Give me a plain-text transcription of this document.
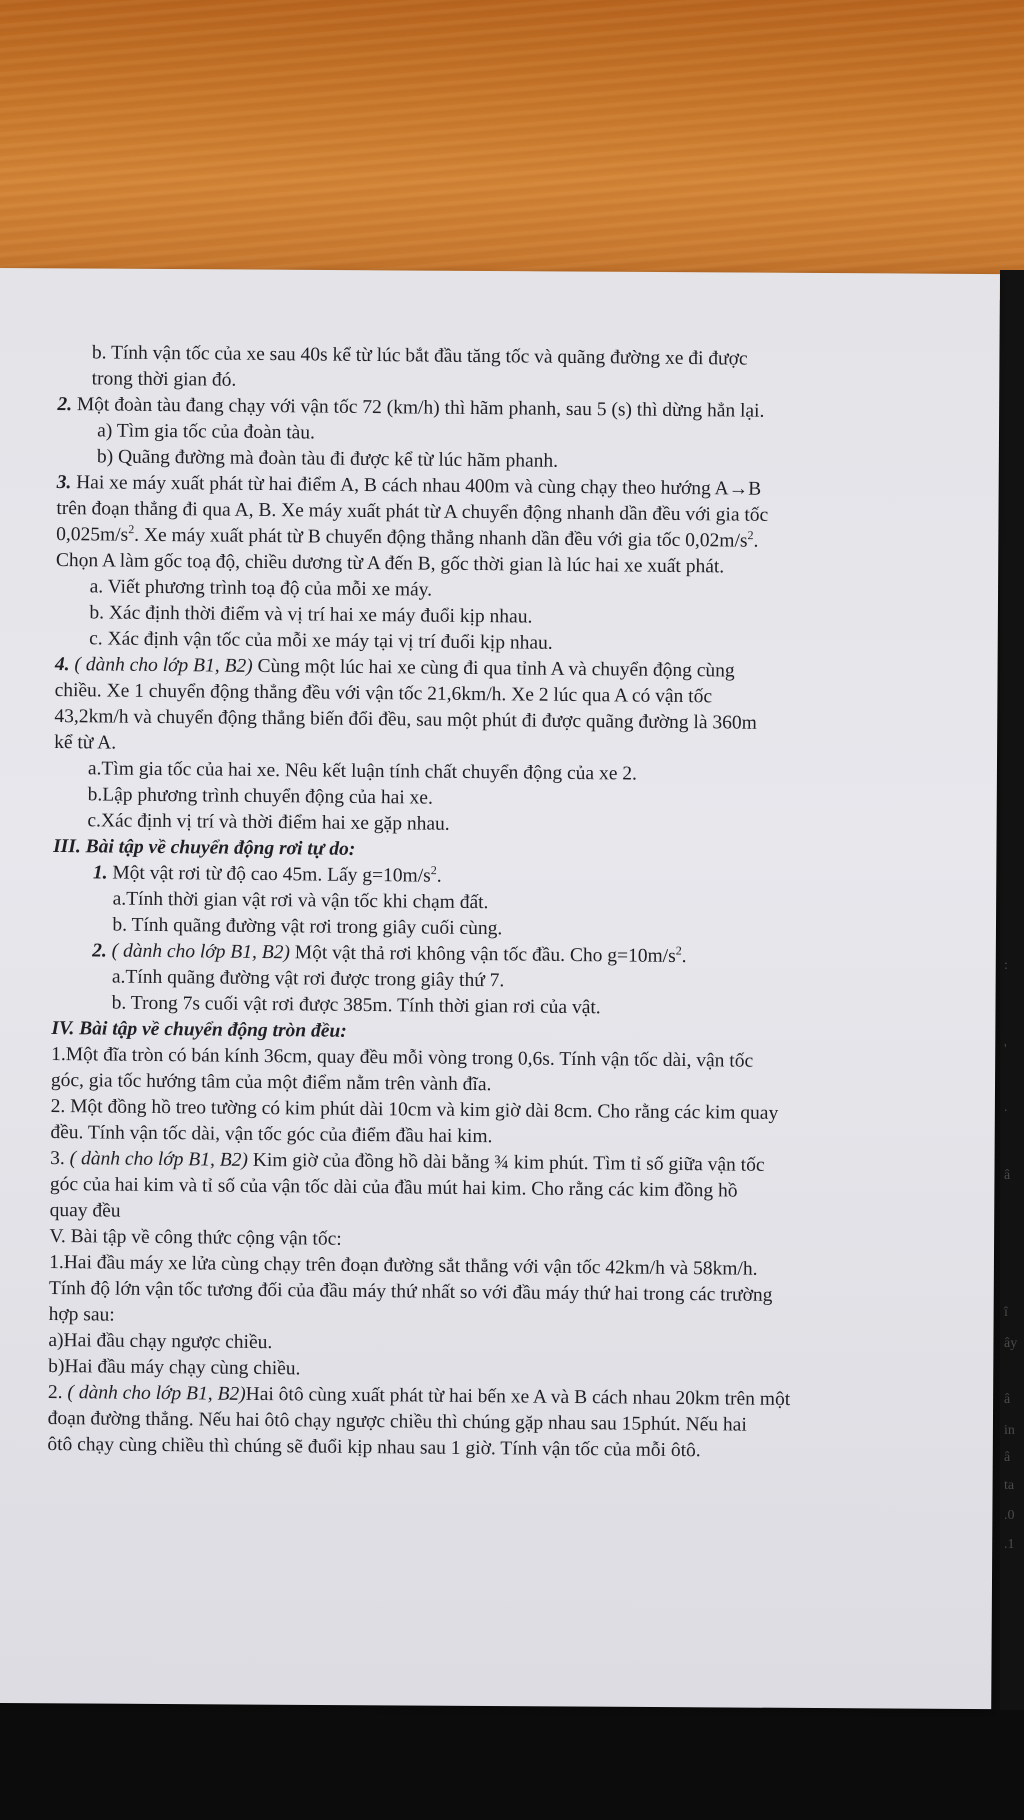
:
'
.
â
î
ây
â
in
â
ta
.0
.1

b. Tính vận tốc của xe sau 40s kể từ lúc bắt đầu tăng tốc và quãng đường xe đi được

trong thời gian đó.

2. Một đoàn tàu đang chạy với vận tốc 72 (km/h) thì hãm phanh, sau 5 (s) thì dừng hẳn lại.

a) Tìm gia tốc của đoàn tàu.

b) Quãng đường mà đoàn tàu đi được kể từ lúc hãm phanh.

3. Hai xe máy xuất phát từ hai điểm A, B cách nhau 400m và cùng chạy theo hướng A→B

trên đoạn thẳng đi qua A, B. Xe máy xuất phát từ A chuyển động nhanh dần đều với gia tốc

$0,025m/s^2$. Xe máy xuất phát từ B chuyển động thẳng nhanh dần đều với gia tốc $0,02m/s^2$.

Chọn A làm gốc toạ độ, chiều dương từ A đến B, gốc thời gian là lúc hai xe xuất phát.

a. Viết phương trình toạ độ của mỗi xe máy.

b. Xác định thời điểm và vị trí hai xe máy đuổi kịp nhau.

c. Xác định vận tốc của mỗi xe máy tại vị trí đuổi kịp nhau.

4. ( dành cho lớp B1, B2) Cùng một lúc hai xe cùng đi qua tỉnh A và chuyển động cùng

chiều. Xe 1 chuyển động thẳng đều với vận tốc 21,6km/h. Xe 2 lúc qua A có vận tốc

43,2km/h và chuyển động thẳng biến đổi đều, sau một phút đi được quãng đường là 360m

kể từ A.

a.Tìm gia tốc của hai xe. Nêu kết luận tính chất chuyển động của xe 2.

b.Lập phương trình chuyển động của hai xe.

c.Xác định vị trí và thời điểm hai xe gặp nhau.

III. Bài tập về chuyển động rơi tự do:

1. Một vật rơi từ độ cao 45m. Lấy $g=10m/s^2$.

a.Tính thời gian vật rơi và vận tốc khi chạm đất.

b. Tính quãng đường vật rơi trong giây cuối cùng.

2. ( dành cho lớp B1, B2) Một vật thả rơi không vận tốc đầu. Cho $g=10m/s^2$.

a.Tính quãng đường vật rơi được trong giây thứ 7.

b. Trong 7s cuối vật rơi được 385m. Tính thời gian rơi của vật.

IV. Bài tập về chuyển động tròn đều:

1.Một đĩa tròn có bán kính 36cm, quay đều mỗi vòng trong 0,6s. Tính vận tốc dài, vận tốc

góc, gia tốc hướng tâm của một điểm nằm trên vành đĩa.

2. Một đồng hồ treo tường có kim phút dài 10cm và kim giờ dài 8cm. Cho rằng các kim quay

đều. Tính vận tốc dài, vận tốc góc của điểm đầu hai kim.

3. ( dành cho lớp B1, B2) Kim giờ của đồng hồ dài bằng ¾ kim phút. Tìm tỉ số giữa vận tốc

góc của hai kim và tỉ số của vận tốc dài của đầu mút hai kim. Cho rằng các kim đồng hồ

quay đều

V. Bài tập về công thức cộng vận tốc:

1.Hai đầu máy xe lửa cùng chạy trên đoạn đường sắt thẳng với vận tốc 42km/h và 58km/h.

Tính độ lớn vận tốc tương đối của đầu máy thứ nhất so với đầu máy thứ hai trong các trường

hợp sau:

a)Hai đầu chạy ngược chiều.

b)Hai đầu máy chạy cùng chiều.

2. ( dành cho lớp B1, B2)Hai ôtô cùng xuất phát từ hai bến xe A và B cách nhau 20km trên một

đoạn đường thẳng. Nếu hai ôtô chạy ngược chiều thì chúng gặp nhau sau 15phút. Nếu hai

ôtô chạy cùng chiều thì chúng sẽ đuổi kịp nhau sau 1 giờ. Tính vận tốc của mỗi ôtô.
